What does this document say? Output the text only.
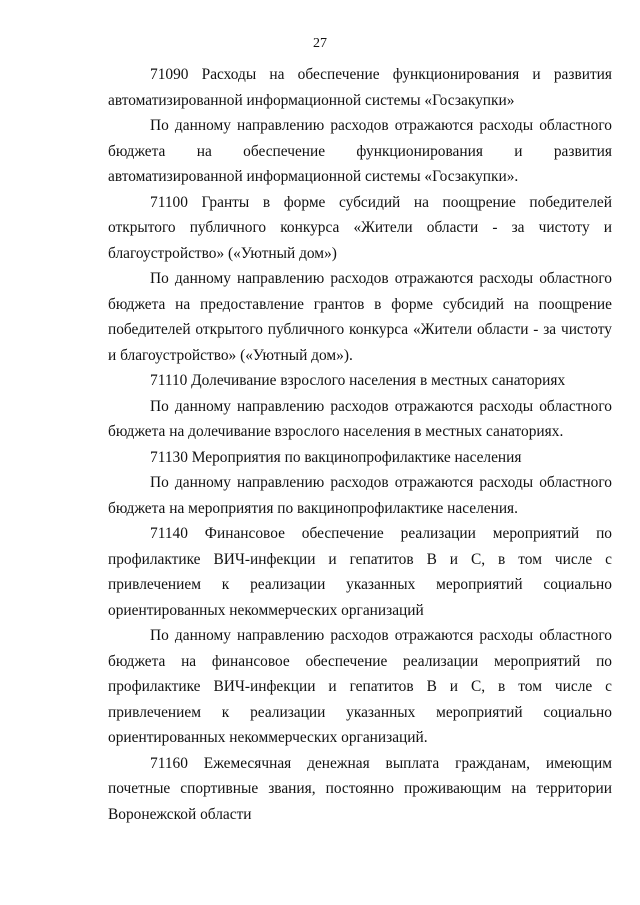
27

71090 Расходы на обеспечение функционирования и развития автоматизированной информационной системы «Госзакупки»

По данному направлению расходов отражаются расходы областного бюджета на обеспечение функционирования и развития автоматизированной информационной системы «Госзакупки».

71100 Гранты в форме субсидий на поощрение победителей открытого публичного конкурса «Жители области - за чистоту и благоустройство» («Уютный дом»)

По данному направлению расходов отражаются расходы областного бюджета на предоставление грантов в форме субсидий на поощрение победителей открытого публичного конкурса «Жители области - за чистоту и благоустройство» («Уютный дом»).

71110 Долечивание взрослого населения в местных санаториях

По данному направлению расходов отражаются расходы областного бюджета на долечивание взрослого населения в местных санаториях.

71130 Мероприятия по вакцинопрофилактике населения

По данному направлению расходов отражаются расходы областного бюджета на мероприятия по вакцинопрофилактике населения.

71140 Финансовое обеспечение реализации мероприятий по профилактике ВИЧ-инфекции и гепатитов В и С, в том числе с привлечением к реализации указанных мероприятий социально ориентированных некоммерческих организаций

По данному направлению расходов отражаются расходы областного бюджета на финансовое обеспечение реализации мероприятий по профилактике ВИЧ-инфекции и гепатитов В и С, в том числе с привлечением к реализации указанных мероприятий социально ориентированных некоммерческих организаций.

71160 Ежемесячная денежная выплата гражданам, имеющим почетные спортивные звания, постоянно проживающим на территории Воронежской области
